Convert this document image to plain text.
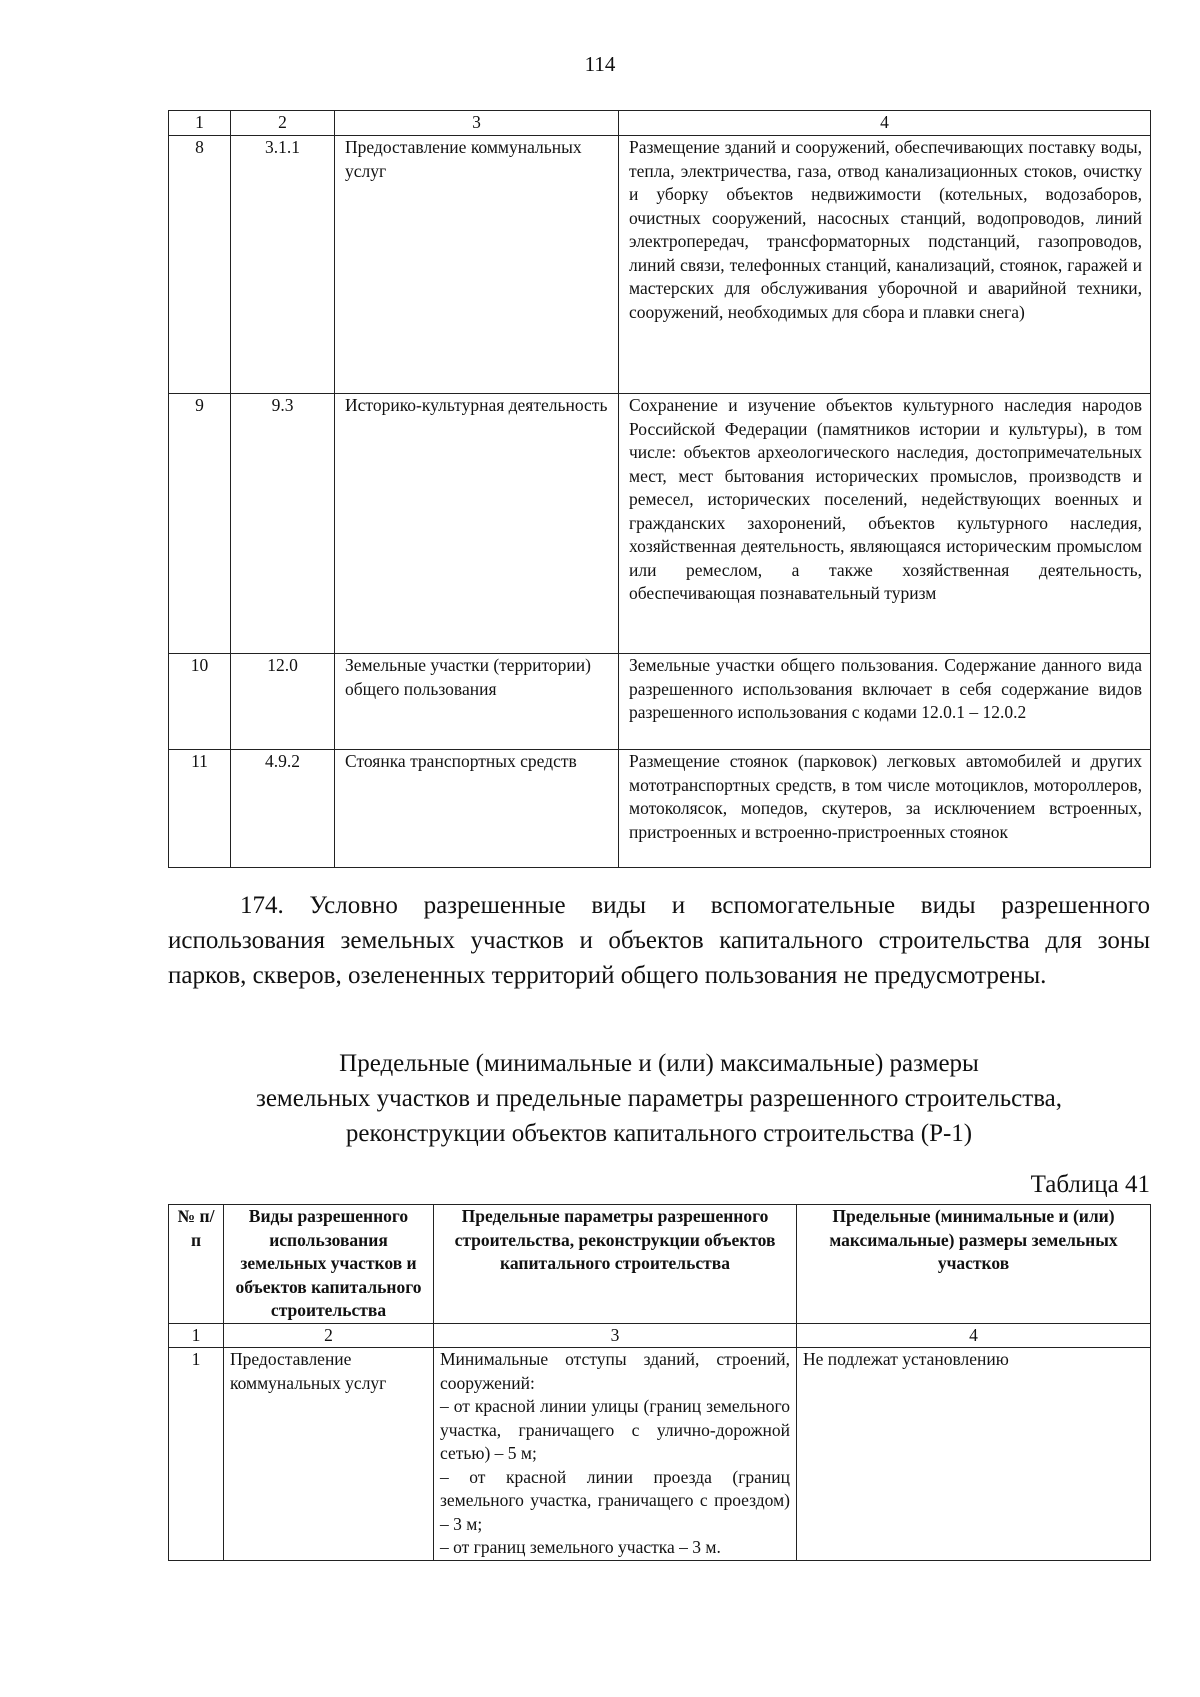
114
1	2	3	4
8	3.1.1	Предоставление коммунальных услуг	Размещение зданий и сооружений, обеспечивающих поставку воды, тепла, электричества, газа, отвод канализационных стоков, очистку и уборку объектов недвижимости (котельных, водозаборов, очистных сооружений, насосных станций, водопроводов, линий электропередач, трансформаторных подстанций, газопроводов, линий связи, телефонных станций, канализаций, стоянок, гаражей и мастерских для обслуживания уборочной и аварийной техники, сооружений, необходимых для сбора и плавки снега)
9	9.3	Историко-культурная деятельность	Сохранение и изучение объектов культурного наследия народов Российской Федерации (памятников истории и культуры), в том числе: объектов археологического наследия, достопримечательных мест, мест бытования исторических промыслов, производств и ремесел, исторических поселений, недействующих военных и гражданских захоронений, объектов культурного наследия, хозяйственная деятельность, являющаяся историческим промыслом или ремеслом, а также хозяйственная деятельность, обеспечивающая познавательный туризм
10	12.0	Земельные участки (территории) общего пользования	Земельные участки общего пользования. Содержание данного вида разрешенного использования включает в себя содержание видов разрешенного использования с кодами 12.0.1 – 12.0.2
11	4.9.2	Стоянка транспортных средств	Размещение стоянок (парковок) легковых автомобилей и других мототранспортных средств, в том числе мотоциклов, мотороллеров, мотоколясок, мопедов, скутеров, за исключением встроенных, пристроенных и встроенно-пристроенных стоянок

174. Условно разрешенные виды и вспомогательные виды разрешенного использования земельных участков и объектов капитального строительства для зоны парков, скверов, озелененных территорий общего пользования не предусмотрены.

Предельные (минимальные и (или) максимальные) размеры
земельных участков и предельные параметры разрешенного строительства,
реконструкции объектов капитального строительства (Р-1)
Таблица 41
№ п/п	Виды разрешенного использования земельных участков и объектов капитального строительства	Предельные параметры разрешенного строительства, реконструкции объектов капитального строительства	Предельные (минимальные и (или) максимальные) размеры земельных участков
1	2	3	4
1	Предоставление коммунальных услуг	Минимальные отступы зданий, строений, сооружений:
– от красной линии улицы (границ земельного участка, граничащего с улично-дорожной сетью) – 5 м;
– от красной линии проезда (границ земельного участка, граничащего с проездом) – 3 м;
– от границ земельного участка – 3 м.	Не подлежат установлению
